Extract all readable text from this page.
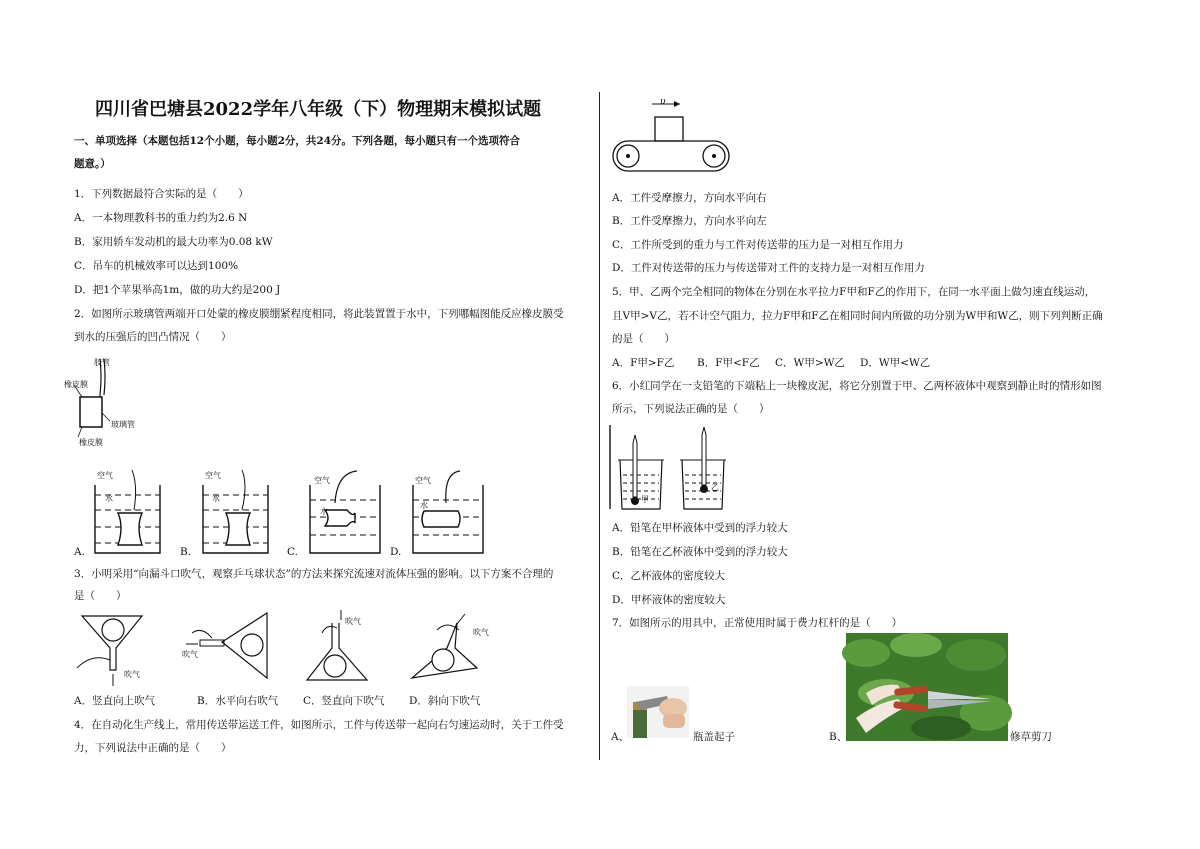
四川省巴塘县2022学年八年级（下）物理期末模拟试题
一、单项选择（本题包括12个小题，每小题2分，共24分。下列各题，每小题只有一个选项符合
题意。）
1．下列数据最符合实际的是（　　）
A．一本物理教科书的重力约为2.6 N
B．家用轿车发动机的最大功率为0.08 kW
C．吊车的机械效率可以达到100%
D．把1个苹果举高1m，做的功大约是200 J
2．如图所示玻璃管两端开口处蒙的橡皮膜绷紧程度相同，将此装置置于水中，下列哪幅图能反应橡皮膜受
到水的压强后的凹凸情况（　　）
胶管
橡皮膜
玻璃管
橡皮膜
空气	空气
空气	空气
水	水
水
水
A.	B.	C.	D.
3．小明采用“向漏斗口吹气，观察乒乓球状态”的方法来探究流速对流体压强的影响。以下方案不合理的
是（　　）
吹气
吹气
吹气
吹气
A．竖直向上吹气	B．水平向右吹气 C．竖直向下吹气 D．斜向下吹气
4．在自动化生产线上，常用传送带运送工件，如图所示，工件与传送带一起向右匀速运动时，关于工件受
力，下列说法中正确的是（　　）
υ
A．工件受摩擦力，方向水平向右
B．工件受摩擦力，方向水平向左
C．工件所受到的重力与工件对传送带的压力是一对相互作用力
D．工件对传送带的压力与传送带对工件的支持力是一对相互作用力
5．甲、乙两个完全相同的物体在分别在水平拉力F甲和F乙的作用下，在同一水平面上做匀速直线运动，
且V甲>V乙，若不计空气阻力，拉力F甲和F乙在相同时间内所做的功分别为W甲和W乙，则下列判断正确
的是（　　）
A．F甲>F乙 B．F甲<F乙 C．W甲>W乙 D．W甲<W乙
6．小红同学在一支铅笔的下端粘上一块橡皮泥，将它分别置于甲、乙两杯液体中观察到静止时的情形如图
所示，下列说法正确的是（　　）
甲
乙
A．铅笔在甲杯液体中受到的浮力较大
B．铅笔在乙杯液体中受到的浮力较大
C．乙杯液体的密度较大
D．甲杯液体的密度较大
7．如图所示的用具中，正常使用时属于费力杠杆的是（　　）
A、	瓶盖起子	B、	修草剪刀
